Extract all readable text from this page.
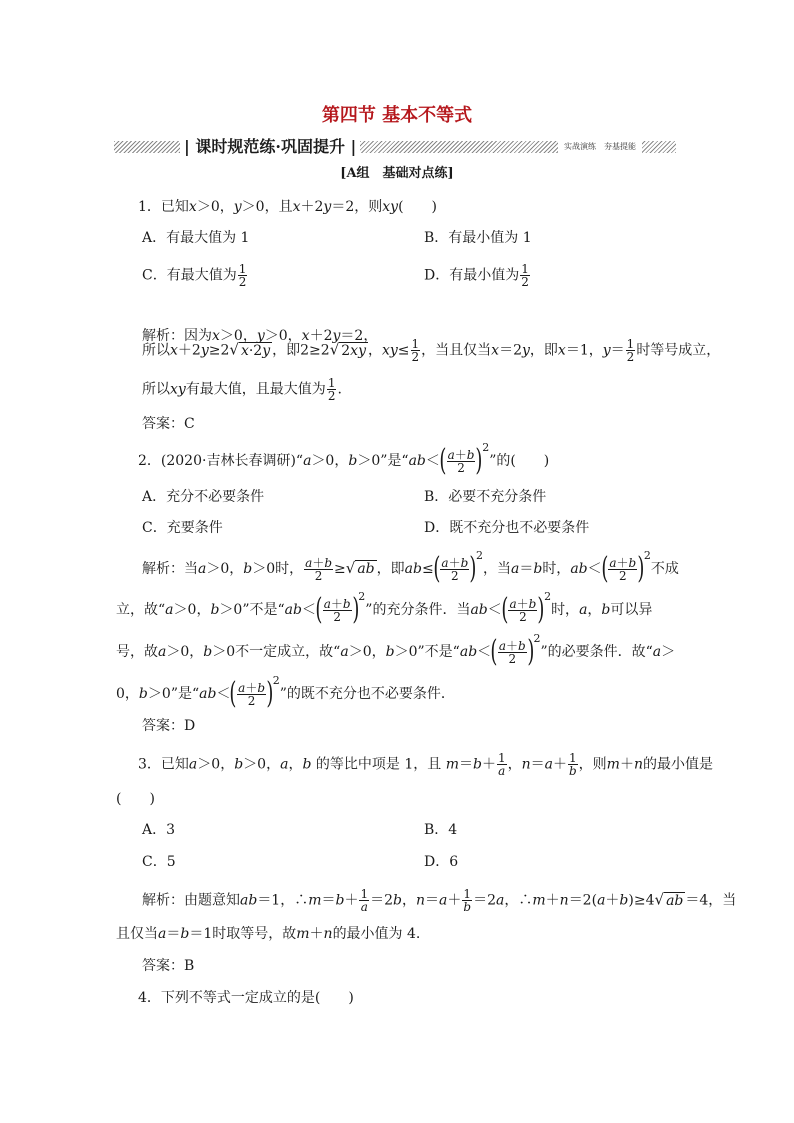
第四节 基本不等式
| 课时规范练·巩固提升 |	实战演练　夯基提能
[A组　基础对点练]
1．已知x＞0，y＞0，且x＋2y＝2，则xy(　　)
A．有最大值为 1	B．有最小值为 1
C．有最大值为 $\frac{1}{2}$	D．有最小值为 $\frac{1}{2}$
解析：因为x＞0，y＞0，x＋2y＝2，
所以x＋2y≥2√ x·2y ，即2≥2√ 2xy ，$xy\le \frac{1}{2}$ ，当且仅当x＝2y，即x＝1，$y= \frac{1}{2}$ 时等号成立，
所以xy有最大值，且最大值为 $\frac{1}{2}$ .
答案：C
2．(2020·吉林长春调研)“a＞0，b＞0”是“$ab<( \frac{a+b}{2} )^2$”的(　　)
A．充分不必要条件	B．必要不充分条件
C．充要条件	D．既不充分也不必要条件
解析：当a＞0，b＞0时， $\frac{a+b}{2}$ ≥√ ab ，即$ab\le( \frac{a+b}{2} )^2$，当a＝b时，$ab<( \frac{a+b}{2} )^2$不成
立，故“a＞0，b＞0”不是“$ab<( \frac{a+b}{2} )^2$”的充分条件．当$ab<( \frac{a+b}{2} )^2$时，a，b可以异
号，故a＞0，b＞0不一定成立，故“a＞0，b＞0”不是“$ab<( \frac{a+b}{2} )^2$”的必要条件．故“a＞
0，b＞0”是“$ab<( \frac{a+b}{2} )^2$”的既不充分也不必要条件．
答案：D
3．已知a＞0，b＞0，a，b 的等比中项是 1，且 $m=b+ \frac{1}{a}$ ，$n=a+ \frac{1}{b}$ ，则m＋n的最小值是
(　　)
A．3	B．4
C．5	D．6
解析：由题意知ab＝1，∴m＝b＋ $\frac{1}{a} =2b$，$n=a+ \frac{1}{b} =2a$，∴m＋n＝2(a＋b)≥4√ ab ＝4，当
且仅当a＝b＝1时取等号，故m＋n的最小值为 4.
答案：B
4．下列不等式一定成立的是(　　)
